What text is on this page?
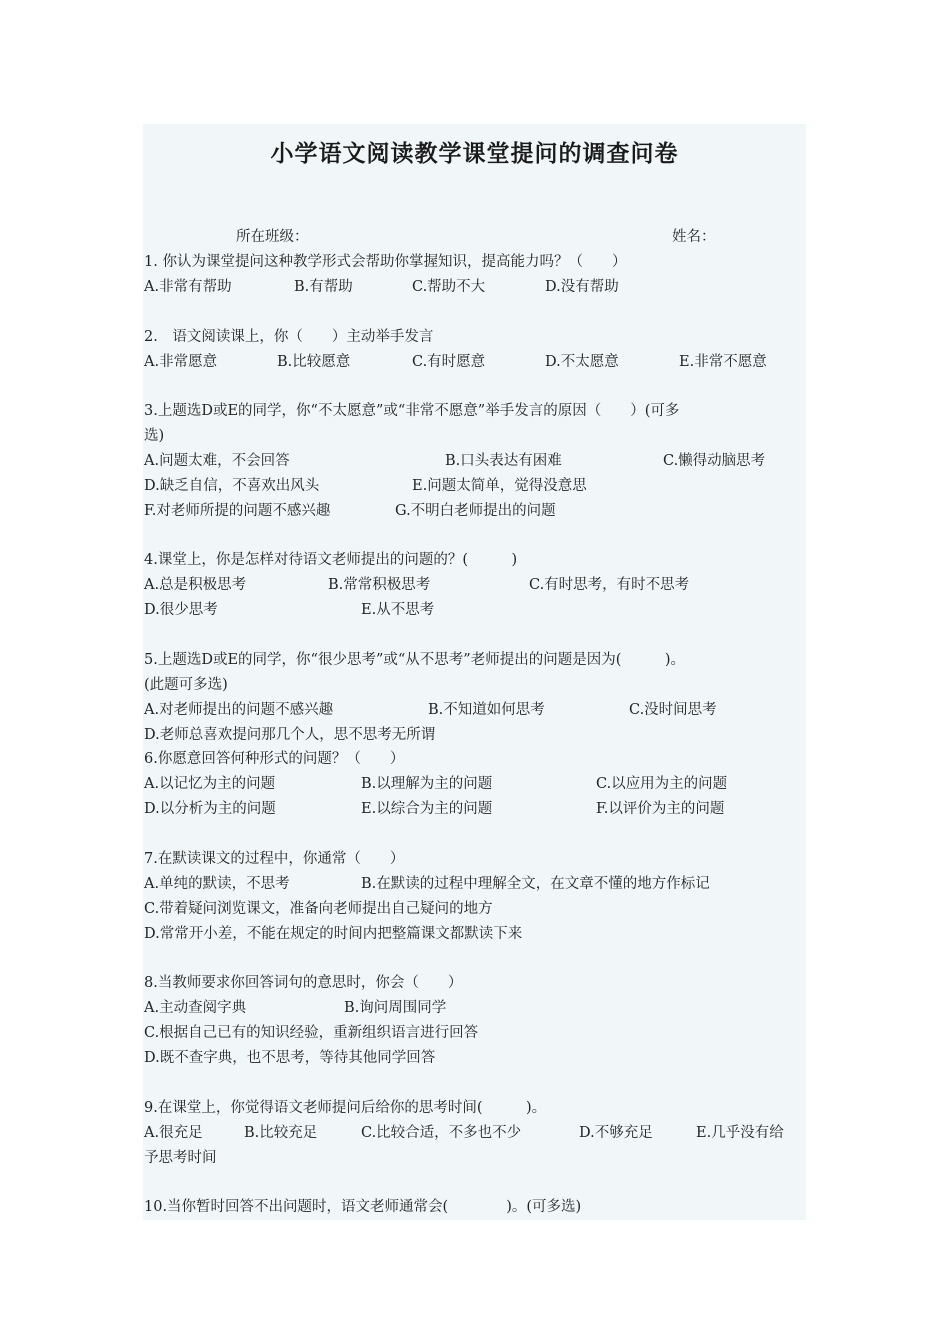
小学语文阅读教学课堂提问的调查问卷
所在班级：	姓名：
1. 你认为课堂提问这种教学形式会帮助你掌握知识，提高能力吗？（　　）
A.非常有帮助	B.有帮助	C.帮助不大	D.没有帮助
2.　语文阅读课上，你（　　）主动举手发言
A.非常愿意	B.比较愿意	C.有时愿意	D.不太愿意	E.非常不愿意
3.上题选D或E的同学，你“不太愿意”或“非常不愿意”举手发言的原因（　　）(可多
选)
A.问题太难，不会回答	B.口头表达有困难	C.懒得动脑思考
D.缺乏自信，不喜欢出风头	E.问题太简单，觉得没意思
F.对老师所提的问题不感兴趣	G.不明白老师提出的问题
4.课堂上，你是怎样对待语文老师提出的问题的？(　　　)
A.总是积极思考	B.常常积极思考	C.有时思考，有时不思考
D.很少思考	E.从不思考
5.上题选D或E的同学，你“很少思考”或“从不思考”老师提出的问题是因为(　　　)。
(此题可多选)
A.对老师提出的问题不感兴趣	B.不知道如何思考	C.没时间思考
D.老师总喜欢提问那几个人，思不思考无所谓
6.你愿意回答何种形式的问题？（　　）
A.以记忆为主的问题	B.以理解为主的问题	C.以应用为主的问题
D.以分析为主的问题	E.以综合为主的问题	F.以评价为主的问题
7.在默读课文的过程中，你通常（　　）
A.单纯的默读，不思考	B.在默读的过程中理解全文，在文章不懂的地方作标记
C.带着疑问浏览课文，准备向老师提出自己疑问的地方
D.常常开小差，不能在规定的时间内把整篇课文都默读下来
8.当教师要求你回答词句的意思时，你会（　　）
A.主动查阅字典	B.询问周围同学
C.根据自己已有的知识经验，重新组织语言进行回答
D.既不查字典，也不思考，等待其他同学回答
9.在课堂上，你觉得语文老师提问后给你的思考时间(　　　)。
A.很充足	B.比较充足	C.比较合适，不多也不少	D.不够充足	E.几乎没有给
予思考时间
10.当你暂时回答不出问题时，语文老师通常会(　　　　)。(可多选)
